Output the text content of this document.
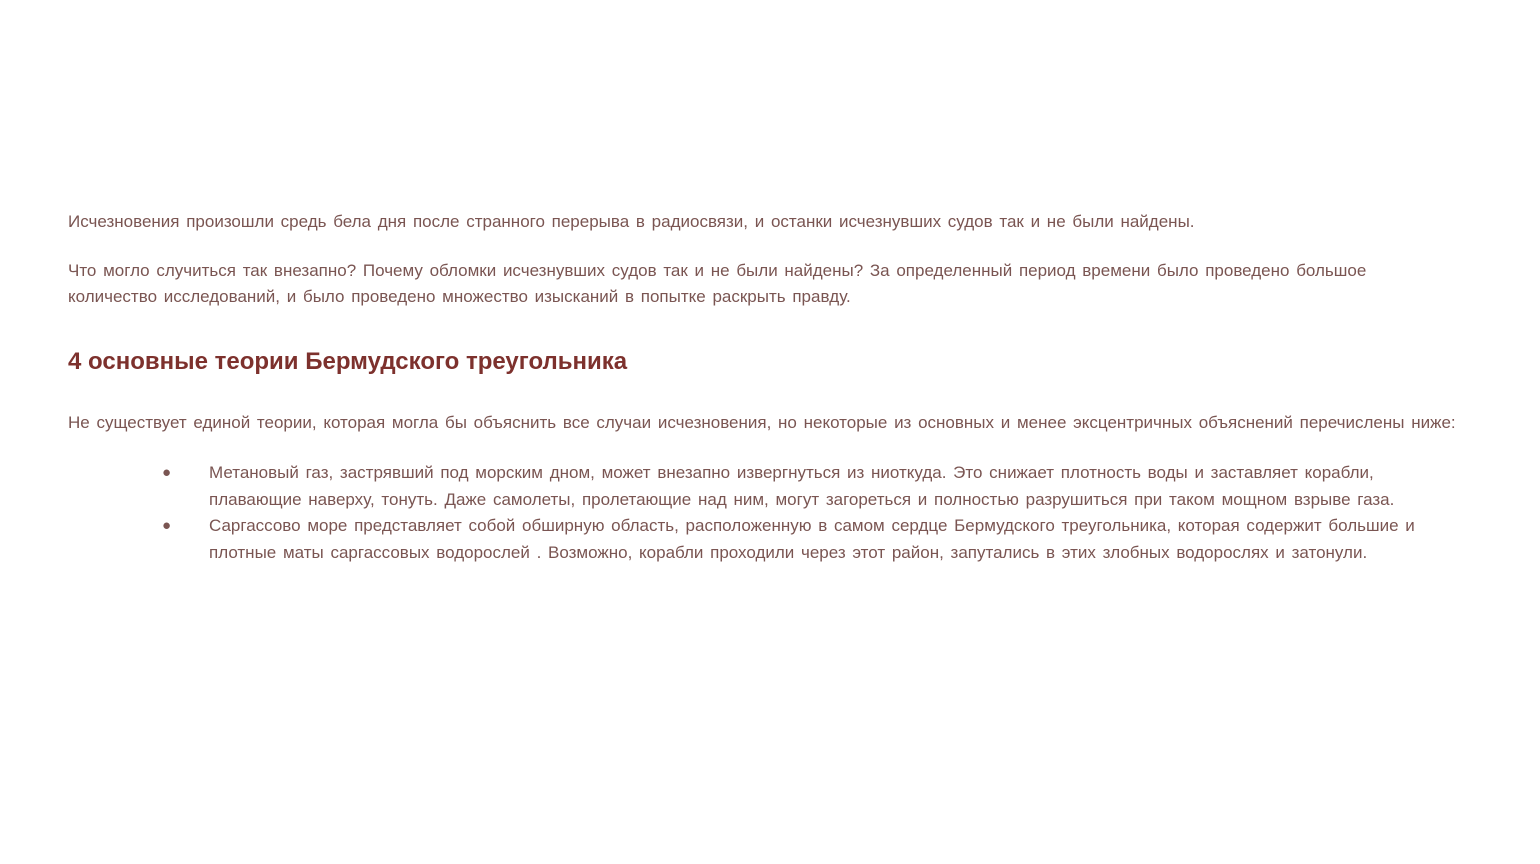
Исчезновения произошли средь бела дня после странного перерыва в радиосвязи, и останки исчезнувших судов так и не были найдены.

Что могло случиться так внезапно? Почему обломки исчезнувших судов так и не были найдены? За определенный период времени было проведено большое количество исследований, и было проведено множество изысканий в попытке раскрыть правду.

4 основные теории Бермудского треугольника

Не существует единой теории, которая могла бы объяснить все случаи исчезновения, но некоторые из основных и менее эксцентричных объяснений перечислены ниже:

● Метановый газ, застрявший под морским дном, может внезапно извергнуться из ниоткуда. Это снижает плотность воды и заставляет корабли, плавающие наверху, тонуть. Даже самолеты, пролетающие над ним, могут загореться и полностью разрушиться при таком мощном взрыве газа.
● Саргассово море представляет собой обширную область, расположенную в самом сердце Бермудского треугольника, которая содержит большие и плотные маты саргассовых водорослей . Возможно, корабли проходили через этот район, запутались в этих злобных водорослях и затонули.
